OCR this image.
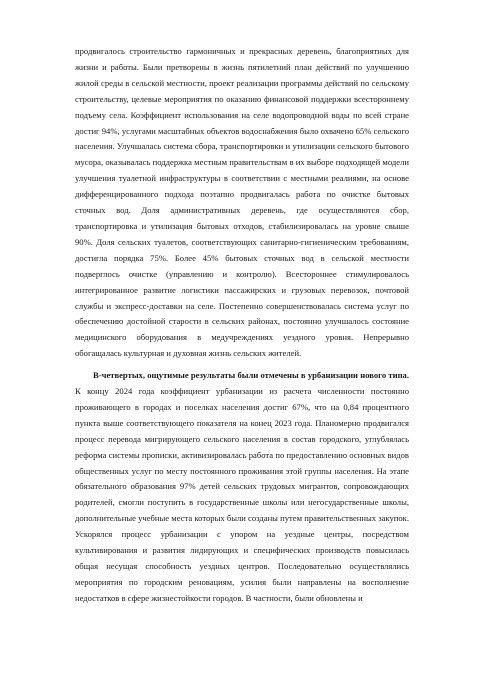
продвигалось строительство гармоничных и прекрасных деревень, благоприятных для жизни и работы. Были претворены в жизнь пятилетний план действий по улучшению жилой среды в сельской местности, проект реализации программы действий по сельскому строительству, целевые мероприятия по оказанию финансовой поддержки всестороннему подъему села. Коэффициент использования на селе водопроводной воды по всей стране достиг 94%, услугами масштабных объектов водоснабжения было охвачено 65% сельского населения. Улучшалась система сбора, транспортировки и утилизации сельского бытового мусора, оказывалась поддержка местным правительствам в их выборе подходящей модели улучшения туалетной инфраструктуры в соответствии с местными реалиями, на основе дифференцированного подхода поэтапно продвигалась работа по очистке бытовых сточных вод. Доля административных деревень, где осуществляются сбор, транспортировка и утилизация бытовых отходов, стабилизировалась на уровне свыше 90%. Доля сельских туалетов, соответствующих санитарно-гигиеническим требованиям, достигла порядка 75%. Более 45% бытовых сточных вод в сельской местности подверглось очистке (управлению и контролю). Всестороннее стимулировалось интегрированное развитие логистики пассажирских и грузовых перевозок, почтовой службы и экспресс-доставки на селе. Постепенно совершенствовалась система услуг по обеспечению достойной старости в сельских районах, постоянно улучшалось состояние медицинского оборудования в медучреждениях уездного уровня. Непрерывно обогащалась культурная и духовная жизнь сельских жителей.

В-четвертых, ощутимые результаты были отмечены в урбанизации нового типа. К концу 2024 года коэффициент урбанизации из расчета численности постоянно проживающего в городах и поселках населения достиг 67%, что на 0,84 процентного пункта выше соответствующего показателя на конец 2023 года. Планомерно продвигался процесс перевода мигрирующего сельского населения в состав городского, углублялась реформа системы прописки, активизировалась работа по предоставлению основных видов общественных услуг по месту постоянного проживания этой группы населения. На этапе обязательного образования 97% детей сельских трудовых мигрантов, сопровождающих родителей, смогли поступить в государственные школы или негосударственные школы, дополнительные учебные места которых были созданы путем правительственных закупок. Ускорялся процесс урбанизации с упором на уездные центры, посредством культивирования и развития лидирующих и специфических производств повысилась общая несущая способность уездных центров. Последовательно осуществлялись мероприятия по городским реновациям, усилия были направлены на восполнение недостатков в сфере жизнестойкости городов. В частности, были обновлены и
